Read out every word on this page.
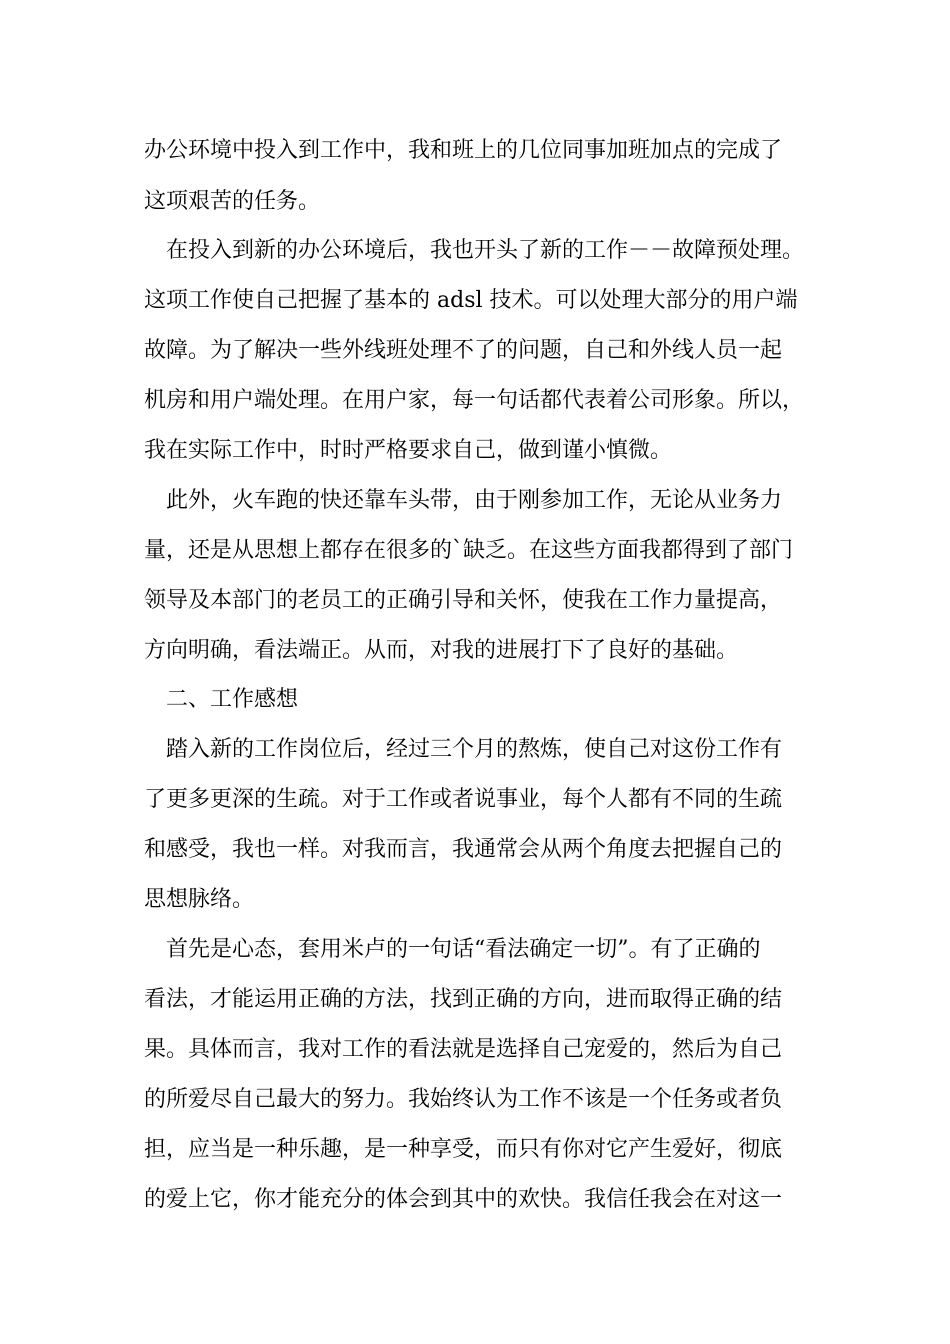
办公环境中投入到工作中，我和班上的几位同事加班加点的完成了
这项艰苦的任务。
在投入到新的办公环境后，我也开头了新的工作－－故障预处理。
这项工作使自己把握了基本的 adsl 技术。可以处理大部分的用户端
故障。为了解决一些外线班处理不了的问题，自己和外线人员一起
机房和用户端处理。在用户家，每一句话都代表着公司形象。所以，
我在实际工作中，时时严格要求自己，做到谨小慎微。
此外，火车跑的快还靠车头带，由于刚参加工作，无论从业务力
量，还是从思想上都存在很多的`缺乏。在这些方面我都得到了部门
领导及本部门的老员工的正确引导和关怀，使我在工作力量提高，
方向明确，看法端正。从而，对我的进展打下了良好的基础。
二、工作感想
踏入新的工作岗位后，经过三个月的熬炼，使自己对这份工作有
了更多更深的生疏。对于工作或者说事业，每个人都有不同的生疏
和感受，我也一样。对我而言，我通常会从两个角度去把握自己的
思想脉络。
首先是心态，套用米卢的一句话“看法确定一切”。有了正确的
看法，才能运用正确的方法，找到正确的方向，进而取得正确的结
果。具体而言，我对工作的看法就是选择自己宠爱的，然后为自己
的所爱尽自己最大的努力。我始终认为工作不该是一个任务或者负
担，应当是一种乐趣，是一种享受，而只有你对它产生爱好，彻底
的爱上它，你才能充分的体会到其中的欢快。我信任我会在对这一
